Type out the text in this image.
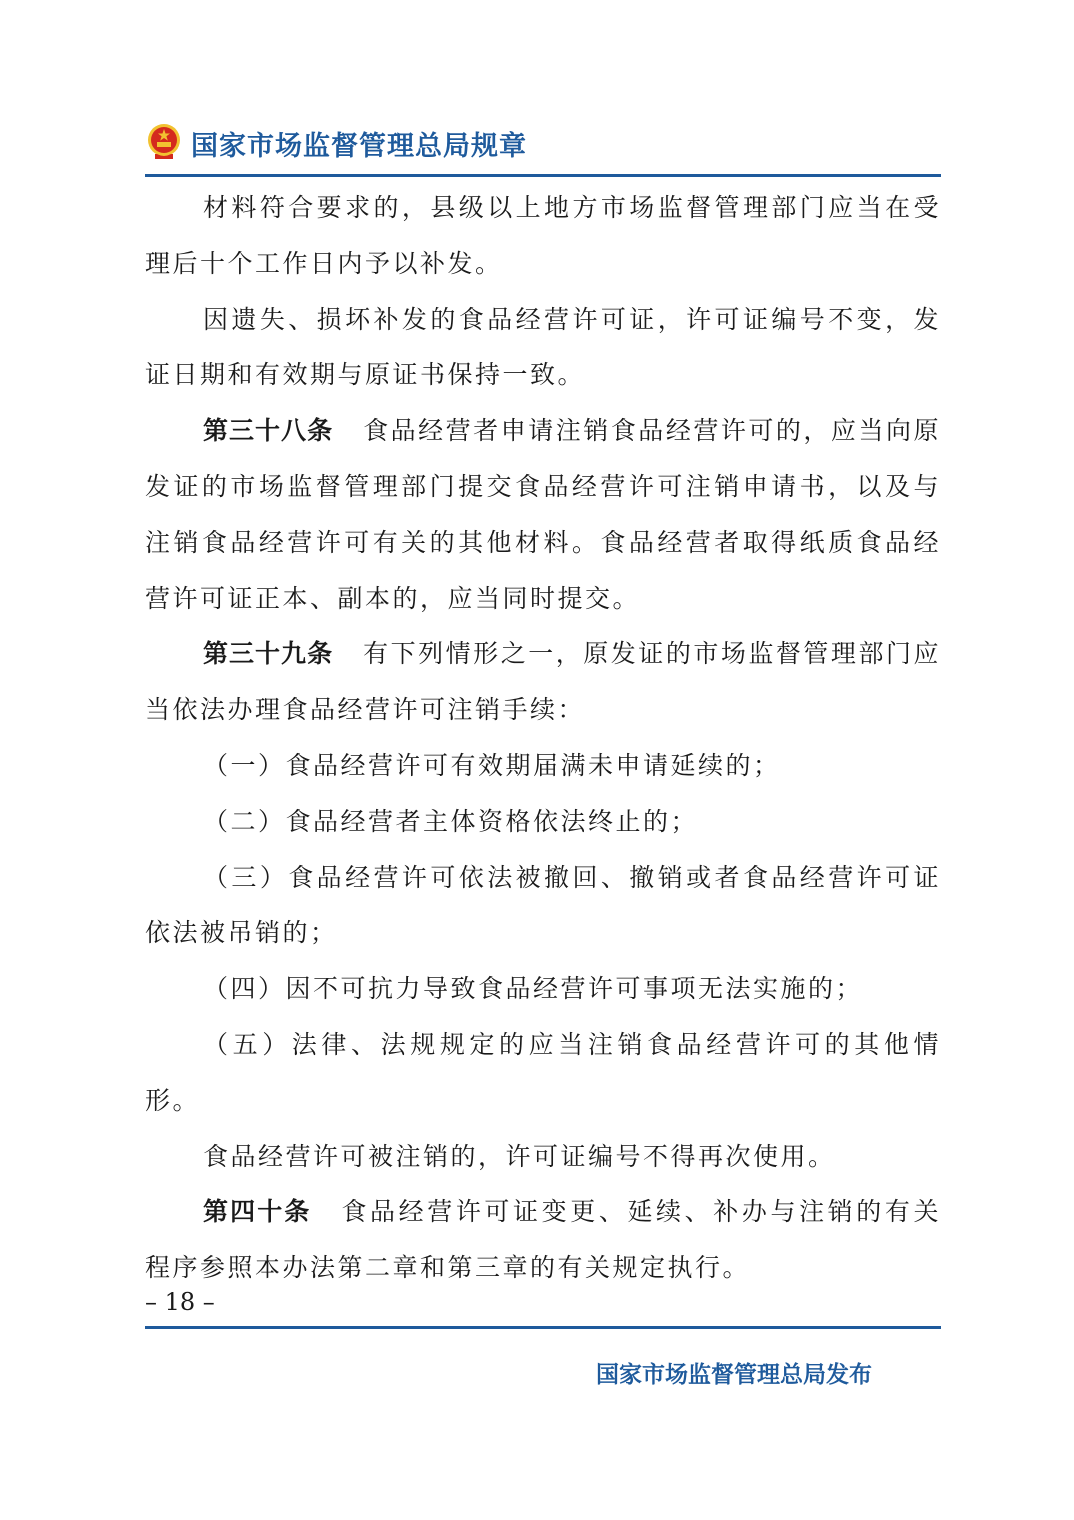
国家市场监督管理总局规章

材料符合要求的，县级以上地方市场监督管理部门应当在受理后十个工作日内予以补发。

因遗失、损坏补发的食品经营许可证，许可证编号不变，发证日期和有效期与原证书保持一致。

第三十八条 食品经营者申请注销食品经营许可的，应当向原发证的市场监督管理部门提交食品经营许可注销申请书，以及与注销食品经营许可有关的其他材料。食品经营者取得纸质食品经营许可证正本、副本的，应当同时提交。

第三十九条 有下列情形之一，原发证的市场监督管理部门应当依法办理食品经营许可注销手续：

（一）食品经营许可有效期届满未申请延续的；

（二）食品经营者主体资格依法终止的；

（三）食品经营许可依法被撤回、撤销或者食品经营许可证依法被吊销的；

（四）因不可抗力导致食品经营许可事项无法实施的；

（五）法律、法规规定的应当注销食品经营许可的其他情形。

食品经营许可被注销的，许可证编号不得再次使用。

第四十条 食品经营许可证变更、延续、补办与注销的有关程序参照本办法第二章和第三章的有关规定执行。

– 18 –
国家市场监督管理总局发布
